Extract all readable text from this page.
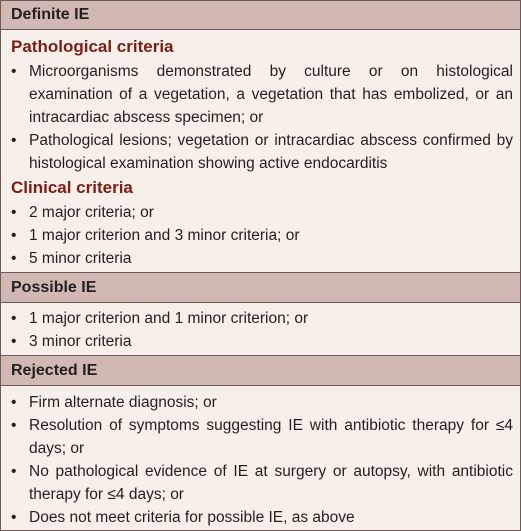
Definite IE
Pathological criteria
• Microorganisms demonstrated by culture or on histological examination of a vegetation, a vegetation that has embolized, or an intracardiac abscess specimen; or
• Pathological lesions; vegetation or intracardiac abscess confirmed by histological examination showing active endocarditis
Clinical criteria
• 2 major criteria; or
• 1 major criterion and 3 minor criteria; or
• 5 minor criteria
Possible IE
• 1 major criterion and 1 minor criterion; or
• 3 minor criteria
Rejected IE
• Firm alternate diagnosis; or
• Resolution of symptoms suggesting IE with antibiotic therapy for ≤4 days; or
• No pathological evidence of IE at surgery or autopsy, with antibiotic therapy for ≤4 days; or
• Does not meet criteria for possible IE, as above
